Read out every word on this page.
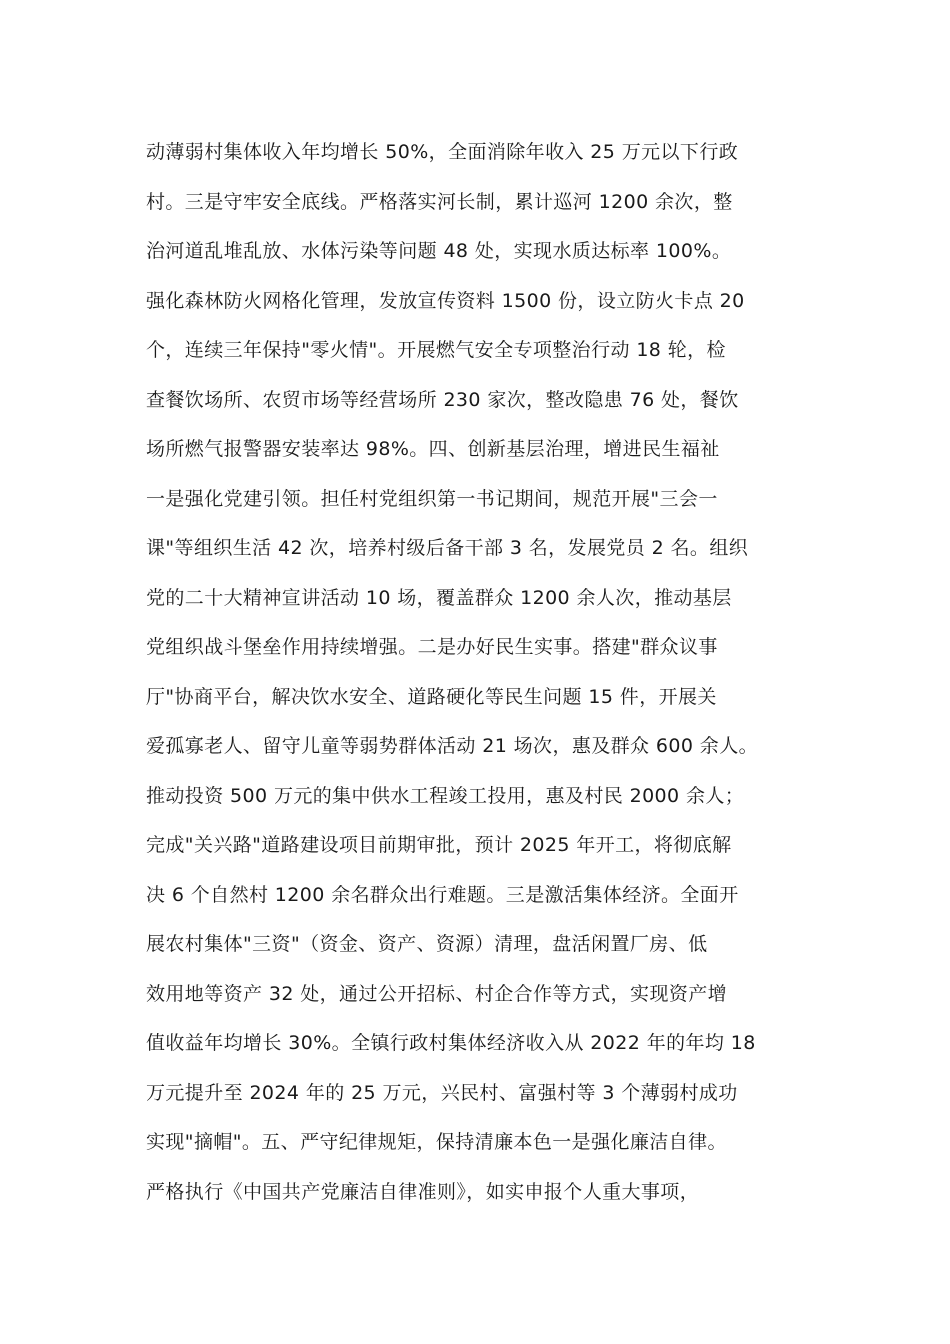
动薄弱村集体收入年均增长 50%，全面消除年收入 25 万元以下行政
村。三是守牢安全底线。严格落实河长制，累计巡河 1200 余次，整
治河道乱堆乱放、水体污染等问题 48 处，实现水质达标率 100%。
强化森林防火网格化管理，发放宣传资料 1500 份，设立防火卡点 20
个，连续三年保持"零火情"。开展燃气安全专项整治行动 18 轮，检
查餐饮场所、农贸市场等经营场所 230 家次，整改隐患 76 处，餐饮
场所燃气报警器安装率达 98%。四、创新基层治理，增进民生福祉
一是强化党建引领。担任村党组织第一书记期间，规范开展"三会一
课"等组织生活 42 次，培养村级后备干部 3 名，发展党员 2 名。组织
党的二十大精神宣讲活动 10 场，覆盖群众 1200 余人次，推动基层
党组织战斗堡垒作用持续增强。二是办好民生实事。搭建"群众议事
厅"协商平台，解决饮水安全、道路硬化等民生问题 15 件，开展关
爱孤寡老人、留守儿童等弱势群体活动 21 场次，惠及群众 600 余人。
推动投资 500 万元的集中供水工程竣工投用，惠及村民 2000 余人；
完成"关兴路"道路建设项目前期审批，预计 2025 年开工，将彻底解
决 6 个自然村 1200 余名群众出行难题。三是激活集体经济。全面开
展农村集体"三资"（资金、资产、资源）清理，盘活闲置厂房、低
效用地等资产 32 处，通过公开招标、村企合作等方式，实现资产增
值收益年均增长 30%。全镇行政村集体经济收入从 2022 年的年均 18
万元提升至 2024 年的 25 万元，兴民村、富强村等 3 个薄弱村成功
实现"摘帽"。五、严守纪律规矩，保持清廉本色一是强化廉洁自律。
严格执行《中国共产党廉洁自律准则》，如实申报个人重大事项，
